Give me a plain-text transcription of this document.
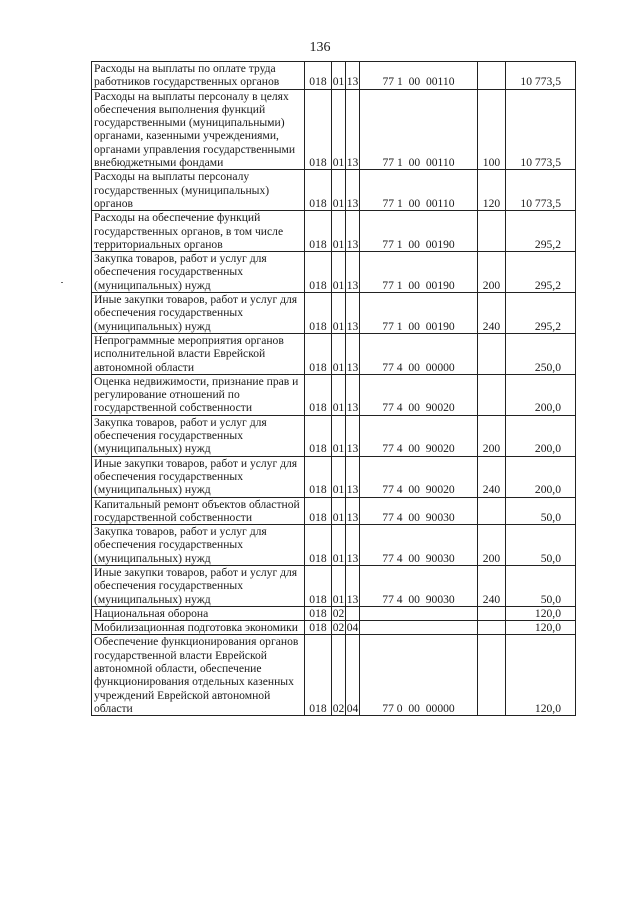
136
Расходы на выплаты по оплате труда работников государственных органов	018	01	13	77 1  00  00110		10 773,5
Расходы на выплаты персоналу в целях обеспечения выполнения функций государственными (муниципальными) органами, казенными учреждениями, органами управления государственными внебюджетными фондами	018	01	13	77 1  00  00110	100	10 773,5
Расходы на выплаты персоналу государственных (муниципальных) органов	018	01	13	77 1  00  00110	120	10 773,5
Расходы на обеспечение функций государственных органов, в том числе территориальных органов	018	01	13	77 1  00  00190		295,2
Закупка товаров, работ и услуг для обеспечения государственных (муниципальных) нужд	018	01	13	77 1  00  00190	200	295,2
Иные закупки товаров, работ и услуг для обеспечения государственных (муниципальных) нужд	018	01	13	77 1  00  00190	240	295,2
Непрограммные мероприятия органов исполнительной власти Еврейской автономной области	018	01	13	77 4  00  00000		250,0
Оценка недвижимости, признание прав и регулирование отношений по государственной собственности	018	01	13	77 4  00  90020		200,0
Закупка товаров, работ и услуг для обеспечения государственных (муниципальных) нужд	018	01	13	77 4  00  90020	200	200,0
Иные закупки товаров, работ и услуг для обеспечения государственных (муниципальных) нужд	018	01	13	77 4  00  90020	240	200,0
Капитальный ремонт объектов областной государственной собственности	018	01	13	77 4  00  90030		50,0
Закупка товаров, работ и услуг для обеспечения государственных (муниципальных) нужд	018	01	13	77 4  00  90030	200	50,0
Иные закупки товаров, работ и услуг для обеспечения государственных (муниципальных) нужд	018	01	13	77 4  00  90030	240	50,0
Национальная оборона	018	02				120,0
Мобилизационная подготовка экономики	018	02	04			120,0
Обеспечение функционирования органов государственной власти Еврейской автономной области, обеспечение функционирования отдельных казенных учреждений Еврейской автономной области	018	02	04	77 0  00  00000		120,0
